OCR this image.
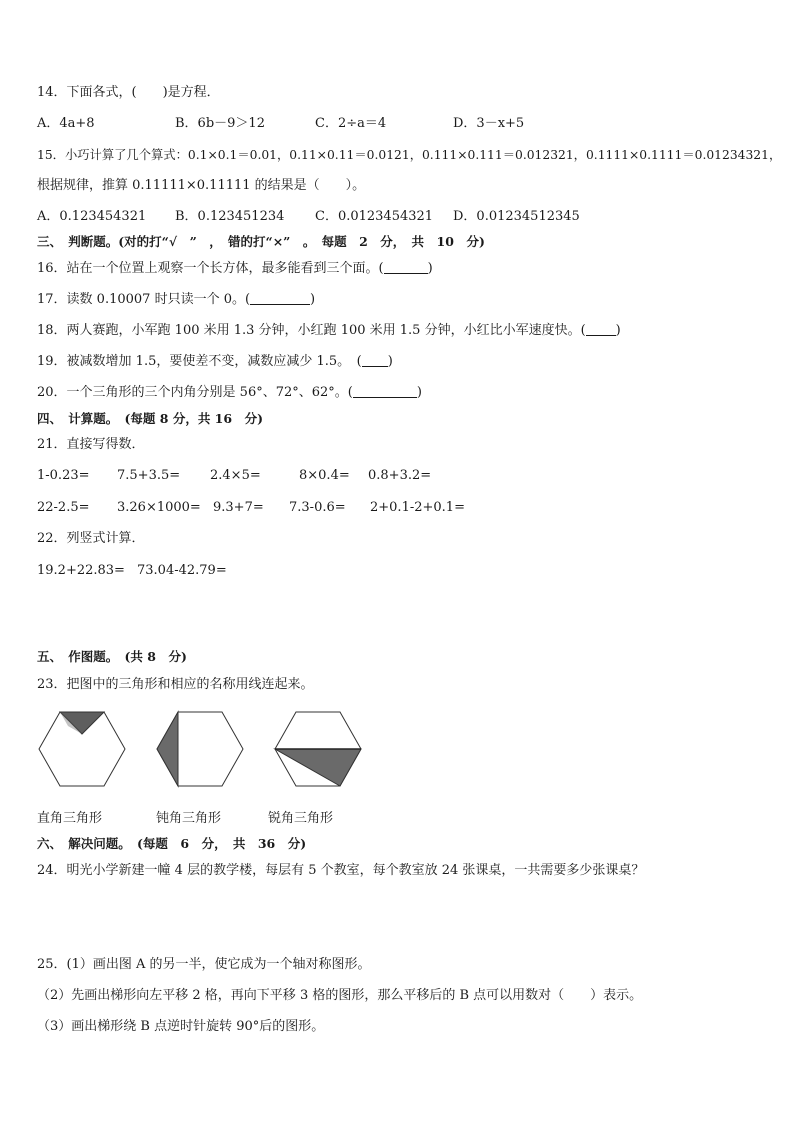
14．下面各式，(　　)是方程．
A．4a+8	B．6b－9＞12	C．2÷a＝4	D．3－x+5
15．小巧计算了几个算式：0.1×0.1＝0.01，0.11×0.11＝0.0121，0.111×0.111＝0.012321，0.1111×0.1111＝0.01234321，
根据规律，推算 0.11111×0.11111 的结果是（　　）。
A．0.123454321 B．0.123451234 C．0.0123454321 D．0.01234512345
三、　判断题。(对的打“√　”　，　错的打“×”　。　每题　2　分，　共　10　分)
16．站在一个位置上观察一个长方体，最多能看到三个面。(	)
17．读数 0.10007 时只读一个 0。(	)
18．两人赛跑，小军跑 100 米用 1.3 分钟，小红跑 100 米用 1.5 分钟，小红比小军速度快。( )
19．被减数增加 1.5，要使差不变，减数应减少 1.5。　( )
20．一个三角形的三个内角分别是 56°、72°、62°。(	)
四、　计算题。　(每题 8 分，共 16　分)
21．直接写得数．
1-0.23= 7.5+3.5= 2.4×5=	8×0.4= 0.8+3.2=
22-2.5= 3.26×1000= 9.3+7= 7.3-0.6= 2+0.1-2+0.1=
22．列竖式计算．
19.2+22.83= 73.04-42.79=
五、　作图题。　(共 8　分)
23．把图中的三角形和相应的名称用线连起来。
直角三角形	钝角三角形	锐角三角形
六、　解决问题。　(每题　6　分，　共　36　分)
24．明光小学新建一幢 4 层的教学楼，每层有 5 个教室，每个教室放 24 张课桌，一共需要多少张课桌？
25．(1）画出图 A 的另一半，使它成为一个轴对称图形。
（2）先画出梯形向左平移 2 格，再向下平移 3 格的图形，那么平移后的 B 点可以用数对（　　）表示。
（3）画出梯形绕 B 点逆时针旋转 90°后的图形。
